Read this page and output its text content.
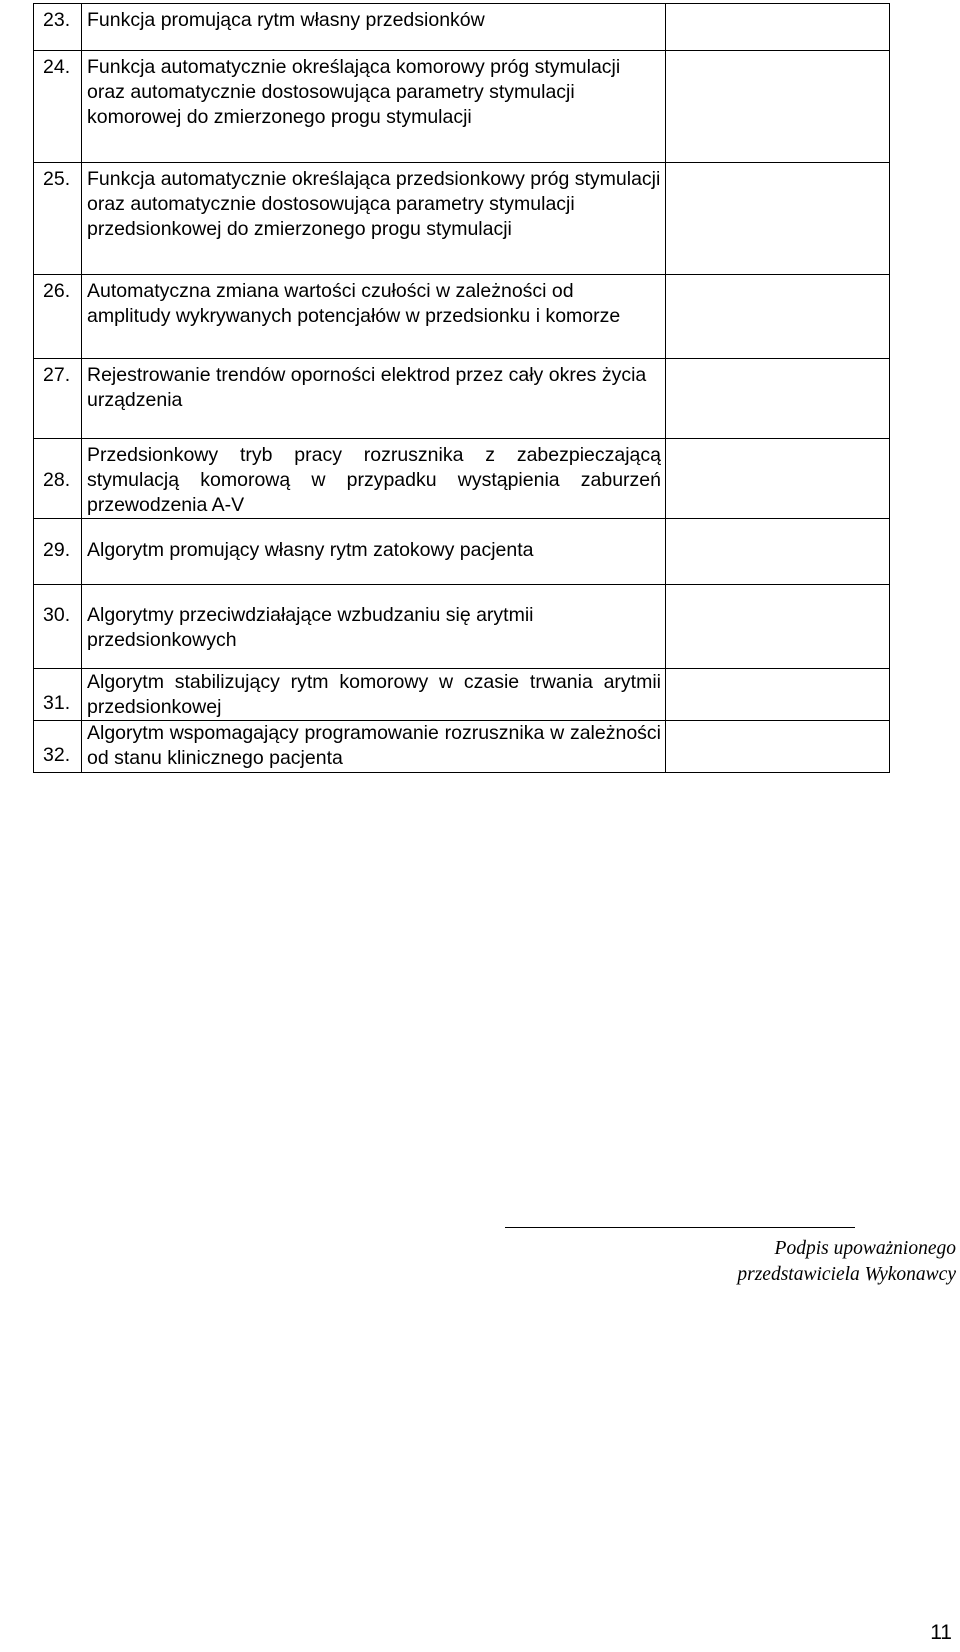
23.	Funkcja promująca rytm własny przedsionków	
24.	Funkcja automatycznie określająca komorowy próg stymulacji oraz automatycznie dostosowująca parametry stymulacji komorowej do zmierzonego progu stymulacji	
25.	Funkcja automatycznie określająca przedsionkowy próg stymulacji oraz automatycznie dostosowująca parametry stymulacji przedsionkowej do zmierzonego progu stymulacji	
26.	Automatyczna zmiana wartości czułości w zależności od amplitudy wykrywanych potencjałów w przedsionku i komorze	
27.	Rejestrowanie trendów oporności elektrod przez cały okres życia urządzenia	
28.	Przedsionkowy tryb pracy rozrusznika z zabezpieczającą stymulacją komorową w przypadku wystąpienia zaburzeń przewodzenia A-V	
29.	Algorytm promujący własny rytm zatokowy pacjenta	
30.	Algorytmy przeciwdziałające wzbudzaniu się arytmii przedsionkowych	
31.	Algorytm stabilizujący rytm komorowy w czasie trwania arytmii przedsionkowej	
32.	Algorytm wspomagający programowanie rozrusznika w zależności od stanu klinicznego pacjenta	
Podpis upoważnionego
przedstawiciela Wykonawcy
11
